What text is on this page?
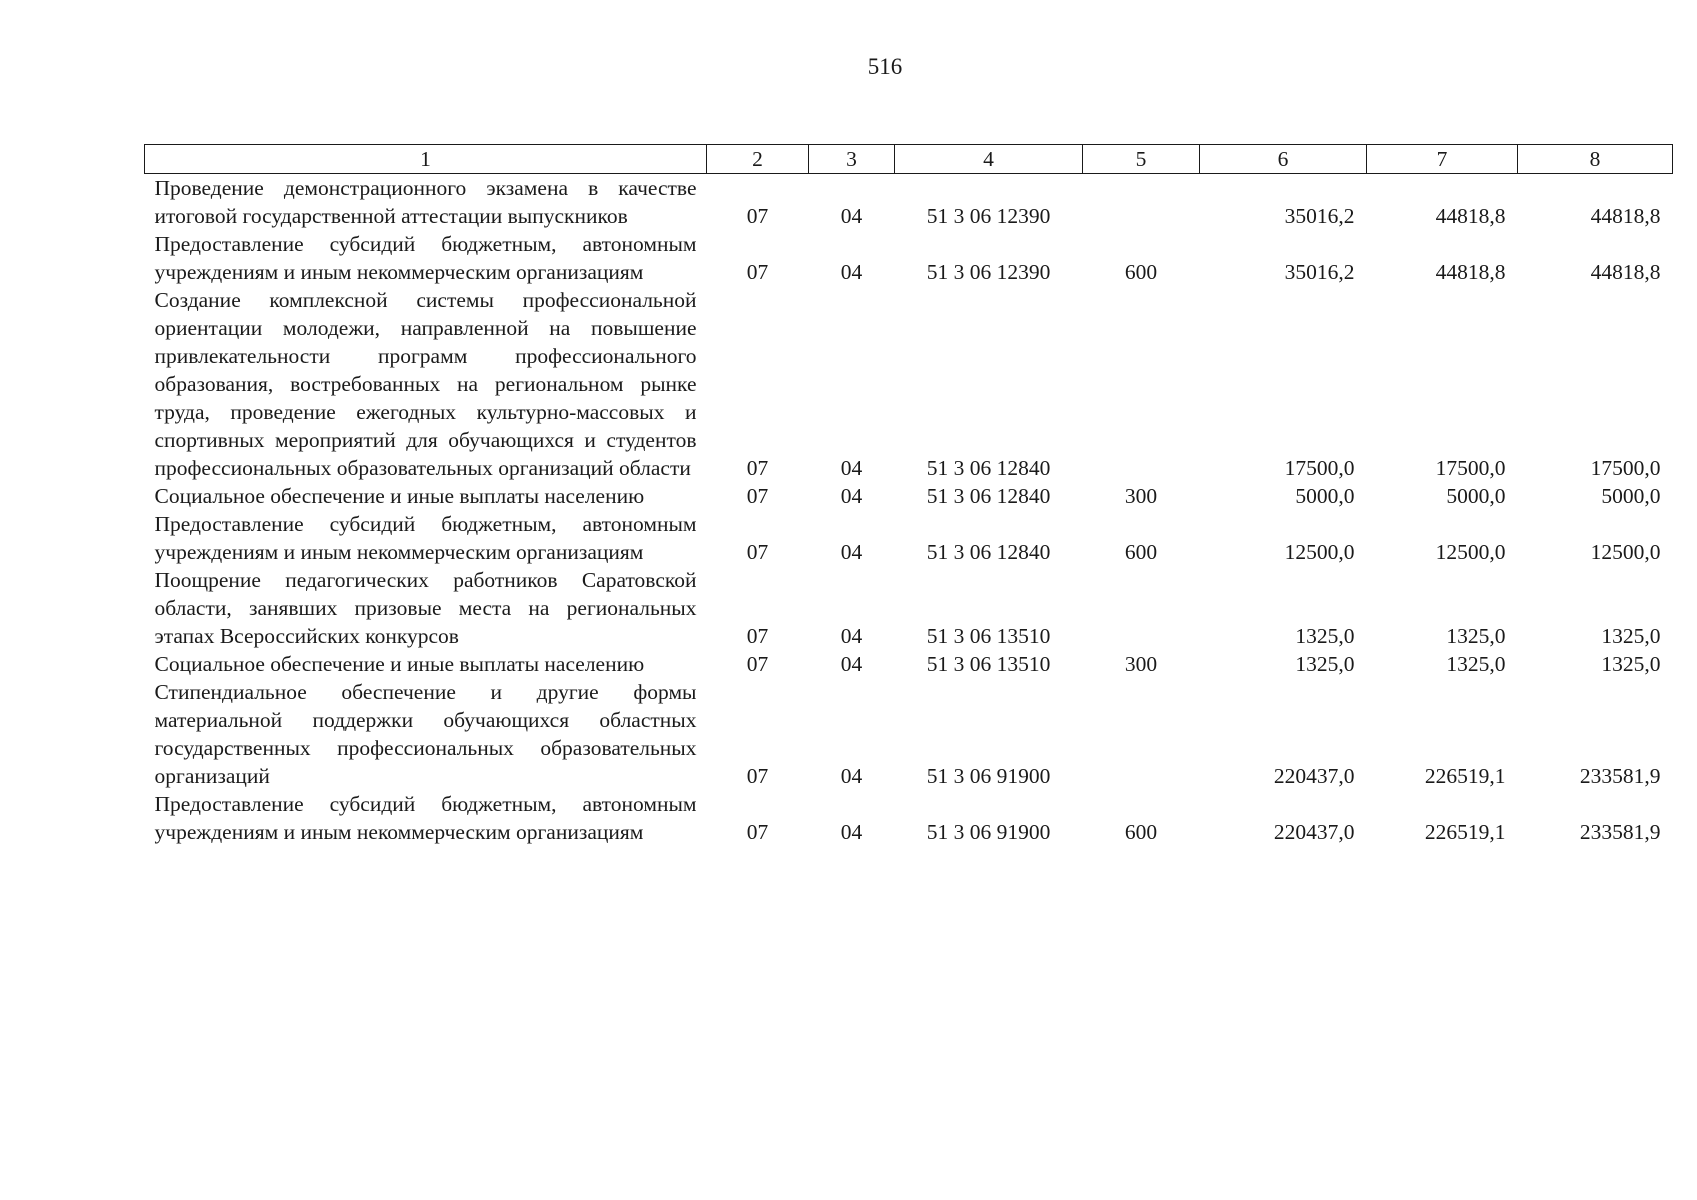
516
1	2	3	4	5	6	7	8
Проведение демонстрационного экзамена в качестве итоговой государственной аттестации выпускников	07	04	51 3 06 12390		35016,2	44818,8	44818,8
Предоставление субсидий бюджетным, автономным учреждениям и иным некоммерческим организациям	07	04	51 3 06 12390	600	35016,2	44818,8	44818,8
Создание комплексной системы профессиональной ориентации молодежи, направленной на повышение привлекательности программ профессионального образования, востребованных на региональном рынке труда, проведение ежегодных культурно-массовых и спортивных мероприятий для обучающихся и студентов профессиональных образовательных организаций области	07	04	51 3 06 12840		17500,0	17500,0	17500,0
Социальное обеспечение и иные выплаты населению	07	04	51 3 06 12840	300	5000,0	5000,0	5000,0
Предоставление субсидий бюджетным, автономным учреждениям и иным некоммерческим организациям	07	04	51 3 06 12840	600	12500,0	12500,0	12500,0
Поощрение педагогических работников Саратовской области, занявших призовые места на региональных этапах Всероссийских конкурсов	07	04	51 3 06 13510		1325,0	1325,0	1325,0
Социальное обеспечение и иные выплаты населению	07	04	51 3 06 13510	300	1325,0	1325,0	1325,0
Стипендиальное обеспечение и другие формы материальной поддержки обучающихся областных государственных профессиональных образовательных организаций	07	04	51 3 06 91900		220437,0	226519,1	233581,9
Предоставление субсидий бюджетным, автономным учреждениям и иным некоммерческим организациям	07	04	51 3 06 91900	600	220437,0	226519,1	233581,9
